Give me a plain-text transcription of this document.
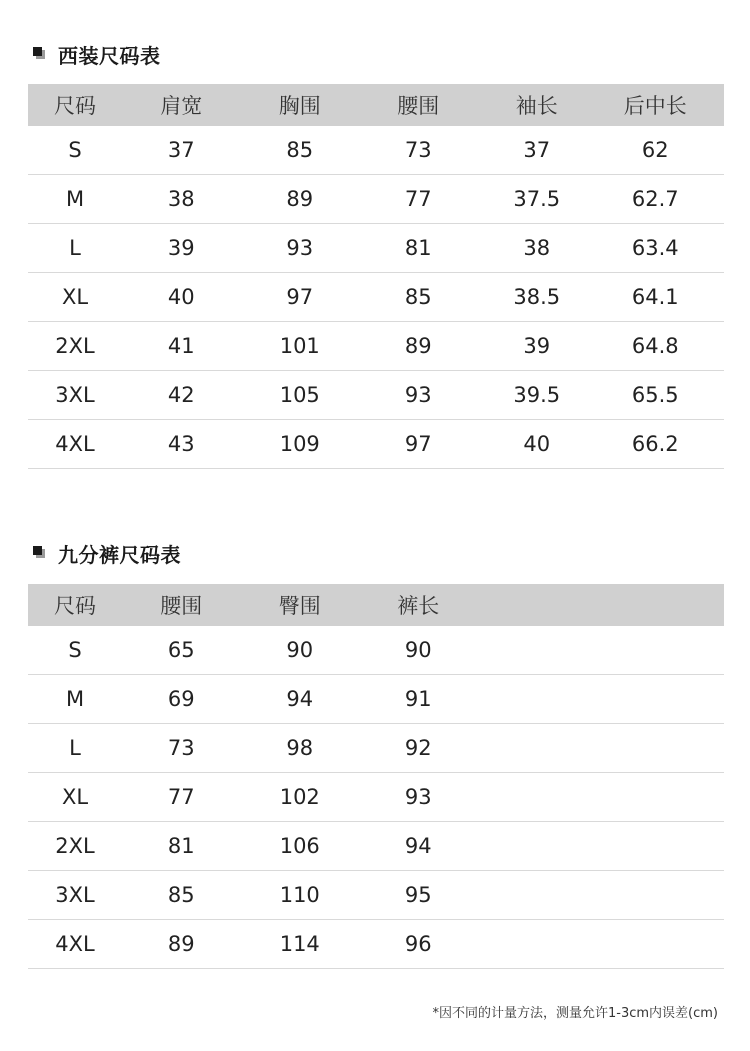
西装尺码表
尺码	肩宽	胸围	腰围	袖长	后中长
S	37	85	73	37	62
M	38	89	77	37.5	62.7
L	39	93	81	38	63.4
XL	40	97	85	38.5	64.1
2XL	41	101	89	39	64.8
3XL	42	105	93	39.5	65.5
4XL	43	109	97	40	66.2
九分裤尺码表
尺码	腰围	臀围	裤长
S	65	90	90
M	69	94	91
L	73	98	92
XL	77	102	93
2XL	81	106	94
3XL	85	110	95
4XL	89	114	96
*因不同的计量方法，测量允许1-3cm内误差(cm)
